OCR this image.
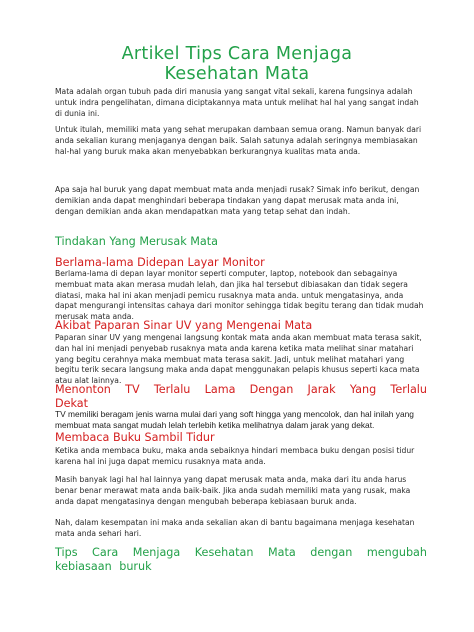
Artikel Tips Cara Menjaga
Kesehatan Mata

Mata adalah organ tubuh pada diri manusia yang sangat vital sekali, karena fungsinya adalah untuk indra pengelihatan, dimana diciptakannya mata untuk melihat hal hal yang sangat indah di dunia ini.

Untuk itulah, memiliki mata yang sehat merupakan dambaan semua orang. Namun banyak dari anda sekalian kurang menjaganya dengan baik. Salah satunya adalah seringnya membiasakan hal-hal yang buruk maka akan menyebabkan berkurangnya kualitas mata anda.

Apa saja hal buruk yang dapat membuat mata anda menjadi rusak? Simak info berikut, dengan demikian anda dapat menghindari beberapa tindakan yang dapat merusak mata anda ini, dengan demikian anda akan mendapatkan mata yang tetap sehat dan indah.

Tindakan Yang Merusak Mata
Berlama-lama Didepan Layar Monitor

Berlama-lama di depan layar monitor seperti computer, laptop, notebook dan sebagainya membuat mata akan merasa mudah lelah, dan jika hal tersebut dibiasakan dan tidak segera diatasi, maka hal ini akan menjadi pemicu rusaknya mata anda. untuk mengatasinya, anda dapat mengurangi intensitas cahaya dari monitor sehingga tidak begitu terang dan tidak mudah merusak mata anda.

Akibat Paparan Sinar UV yang Mengenai Mata

Paparan sinar UV yang mengenai langsung kontak mata anda akan membuat mata terasa sakit, dan hal ini menjadi penyebab rusaknya mata anda karena ketika mata melihat sinar matahari yang begitu cerahnya maka membuat mata terasa sakit. Jadi, untuk melihat matahari yang begitu terik secara langsung maka anda dapat menggunakan pelapis khusus seperti kaca mata atau alat lainnya.

Menonton TV Terlalu Lama Dengan Jarak Yang Terlalu Dekat

TV memiliki beragam jenis warna mulai dari yang soft hingga yang mencolok, dan hal inilah yang membuat mata sangat mudah lelah terlebih ketika melihatnya dalam jarak yang dekat.

Membaca Buku Sambil Tidur

Ketika anda membaca buku, maka anda sebaiknya hindari membaca buku dengan posisi tidur karena hal ini juga dapat memicu rusaknya mata anda.

Masih banyak lagi hal hal lainnya yang dapat merusak mata anda, maka dari itu anda harus benar benar merawat mata anda baik-baik. Jika anda sudah memiliki mata yang rusak, maka anda dapat mengatasinya dengan mengubah beberapa kebiasaan buruk anda.

Nah, dalam kesempatan ini maka anda sekalian akan di bantu bagaimana menjaga kesehatan mata anda sehari hari.

Tips Cara Menjaga Kesehatan Mata dengan mengubah kebiasaan buruk
